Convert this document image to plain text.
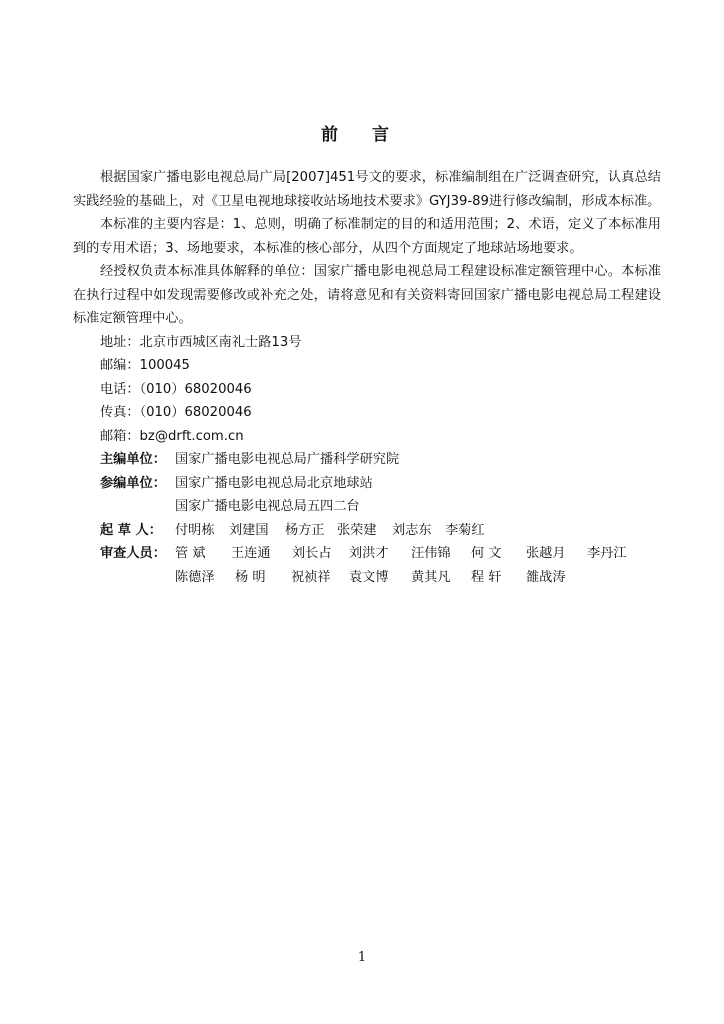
前 言

根据国家广播电影电视总局广局[2007]451号文的要求，标准编制组在广泛调查研究，认真总结实践经验的基础上，对《卫星电视地球接收站场地技术要求》GYJ39-89进行修改编制，形成本标准。

本标准的主要内容是：1、总则，明确了标准制定的目的和适用范围；2、术语，定义了本标准用到的专用术语；3、场地要求，本标准的核心部分，从四个方面规定了地球站场地要求。

经授权负责本标准具体解释的单位：国家广播电影电视总局工程建设标准定额管理中心。本标准在执行过程中如发现需要修改或补充之处，请将意见和有关资料寄回国家广播电影电视总局工程建设标准定额管理中心。

地址：北京市西城区南礼士路13号

邮编：100045

电话：（010）68020046

传真：（010）68020046

邮箱：bz@drft.com.cn

主编单位： 国家广播电影电视总局广播科学研究院
参编单位： 国家广播电影电视总局北京地球站
国家广播电影电视总局五四二台
起 草 人： 付明栋 刘建国 杨方正 张荣建 刘志东 李菊红
审查人员： 管 斌 王连通 刘长占 刘洪才 汪伟锦 何 文 张越月 李丹江
陈德泽 杨 明 祝祯祥 袁文博 黄其凡 程 轩 雒战涛
1
